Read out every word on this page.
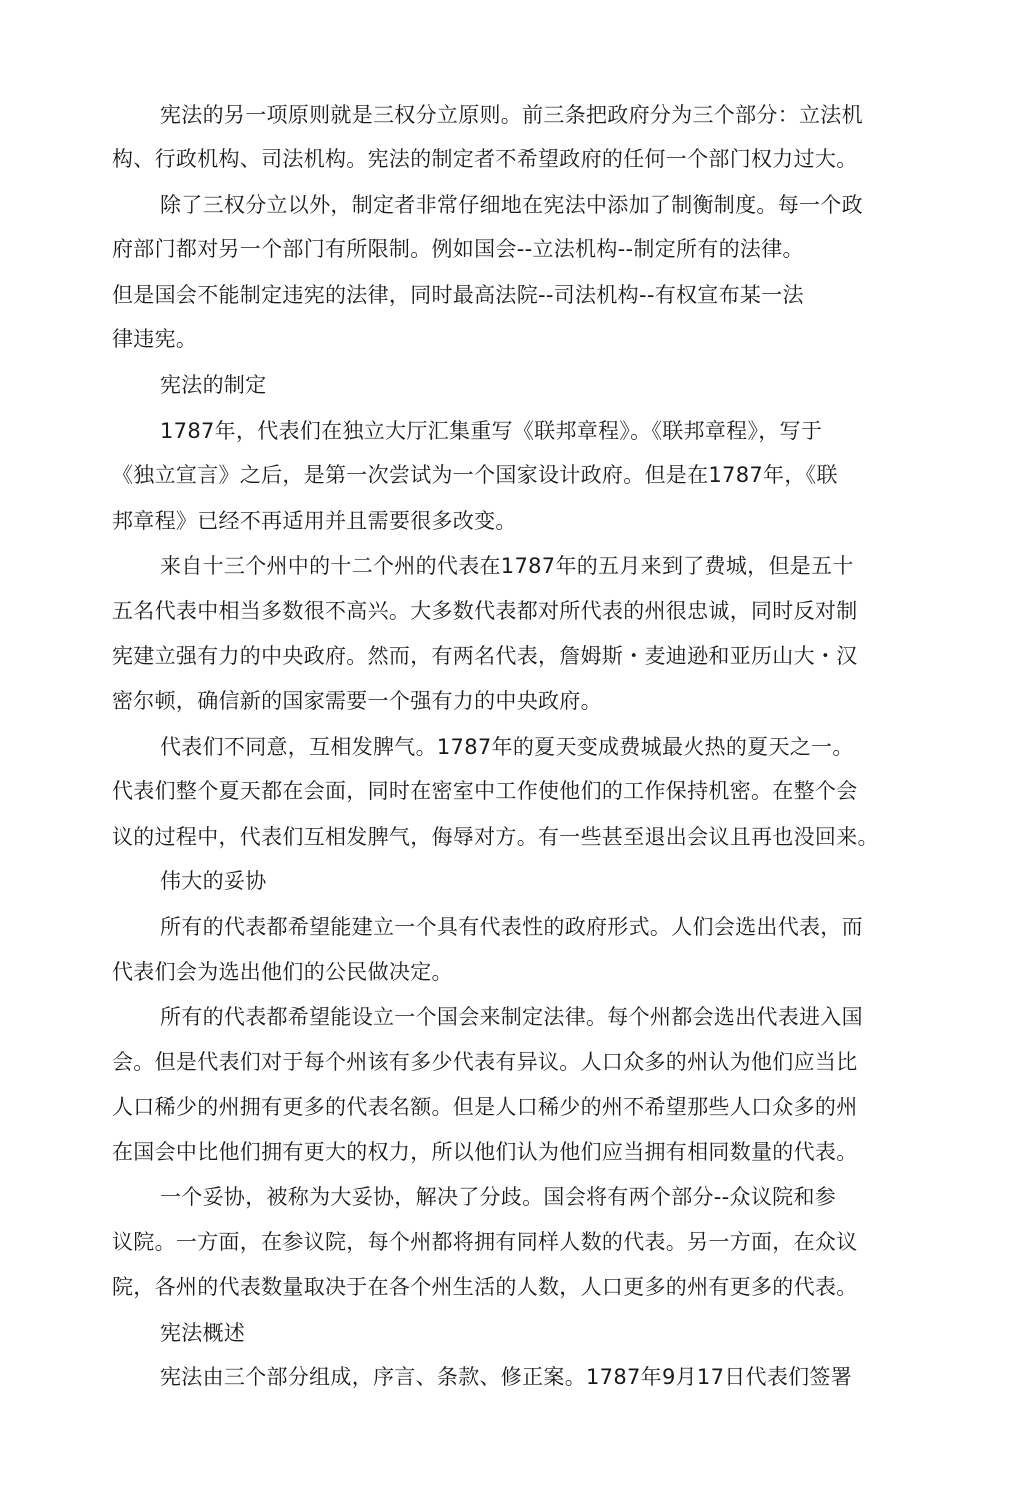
宪法的另一项原则就是三权分立原则。前三条把政府分为三个部分：立法机
构、行政机构、司法机构。宪法的制定者不希望政府的任何一个部门权力过大。
除了三权分立以外，制定者非常仔细地在宪法中添加了制衡制度。每一个政
府部门都对另一个部门有所限制。例如国会--立法机构--制定所有的法律。
但是国会不能制定违宪的法律，同时最高法院--司法机构--有权宣布某一法
律违宪。
宪法的制定
1787年，代表们在独立大厅汇集重写《联邦章程》。《联邦章程》，写于
《独立宣言》之后，是第一次尝试为一个国家设计政府。但是在1787年，《联
邦章程》已经不再适用并且需要很多改变。
来自十三个州中的十二个州的代表在1787年的五月来到了费城，但是五十
五名代表中相当多数很不高兴。大多数代表都对所代表的州很忠诚，同时反对制
宪建立强有力的中央政府。然而，有两名代表，詹姆斯・麦迪逊和亚历山大・汉
密尔顿，确信新的国家需要一个强有力的中央政府。
代表们不同意，互相发脾气。1787年的夏天变成费城最火热的夏天之一。
代表们整个夏天都在会面，同时在密室中工作使他们的工作保持机密。在整个会
议的过程中，代表们互相发脾气，侮辱对方。有一些甚至退出会议且再也没回来。
伟大的妥协
所有的代表都希望能建立一个具有代表性的政府形式。人们会选出代表，而
代表们会为选出他们的公民做决定。
所有的代表都希望能设立一个国会来制定法律。每个州都会选出代表进入国
会。但是代表们对于每个州该有多少代表有异议。人口众多的州认为他们应当比
人口稀少的州拥有更多的代表名额。但是人口稀少的州不希望那些人口众多的州
在国会中比他们拥有更大的权力，所以他们认为他们应当拥有相同数量的代表。
一个妥协，被称为大妥协，解决了分歧。国会将有两个部分--众议院和参
议院。一方面，在参议院，每个州都将拥有同样人数的代表。另一方面，在众议
院，各州的代表数量取决于在各个州生活的人数，人口更多的州有更多的代表。
宪法概述
宪法由三个部分组成，序言、条款、修正案。1787年9月17日代表们签署
